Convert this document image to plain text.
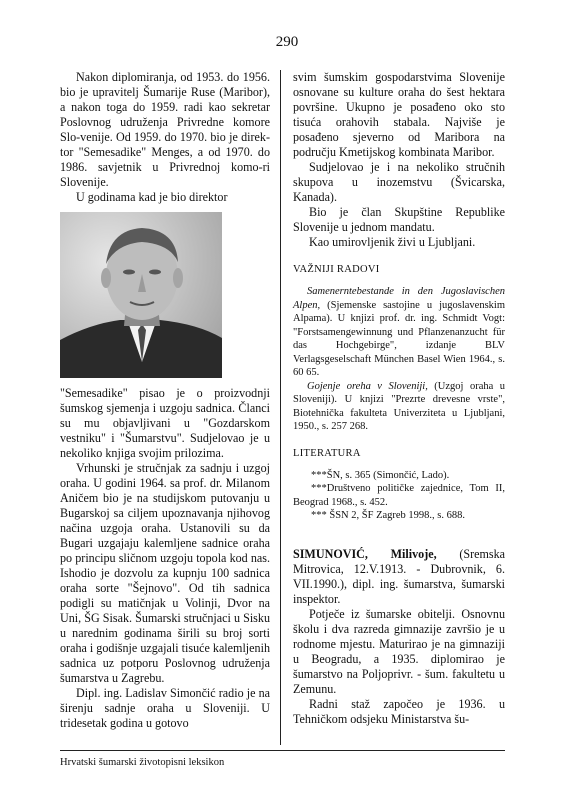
290

Nakon diplomiranja, od 1953. do 1956. bio je upravitelj Šumarije Ruse (Maribor), a nakon toga do 1959. radi kao sekretar Poslovnog udruženja Privredne komore Slo-venije. Od 1959. do 1970. bio je direk-tor "Semesadike" Menges, a od 1970. do 1986. savjetnik u Privrednoj komo-ri Slovenije.

U godinama kad je bio direktor

"Semesadike" pisao je o proizvodnji šumskog sjemenja i uzgoju sadnica. Članci su mu objavljivani u "Gozdarskom vestniku" i "Šumarstvu". Sudjelovao je u nekoliko knjiga svojim prilozima.

Vrhunski je stručnjak za sadnju i uzgoj oraha. U godini 1964. sa prof. dr. Milanom Aničem bio je na studijskom putovanju u Bugarskoj sa ciljem upoznavanja njihovog načina uzgoja oraha. Ustanovili su da Bugari uzgajaju kalemljene sadnice oraha po principu sličnom uzgoju topola kod nas. Ishodio je dozvolu za kupnju 100 sadnica oraha sorte "Šejnovo". Od tih sadnica podigli su matičnjak u Volinji, Dvor na Uni, ŠG Sisak. Šumarski stručnjaci u Sisku u narednim godinama širili su broj sorti oraha i godišnje uzgajali tisuće kalemljenih sadnica uz potporu Poslovnog udruženja šumarstva u Zagrebu.

Dipl. ing. Ladislav Simončić radio je na širenju sadnje oraha u Sloveniji. U tridesetak godina u gotovo

svim šumskim gospodarstvima Slovenije osnovane su kulture oraha do šest hektara površine. Ukupno je posađeno oko sto tisuća orahovih stabala. Najviše je posađeno sjeverno od Maribora na području Kmetijskog kombinata Maribor.

Sudjelovao je i na nekoliko stručnih skupova u inozemstvu (Švicarska, Kanada).

Bio je član Skupštine Republike Slovenije u jednom mandatu.

Kao umirovljenik živi u Ljubljani.

VAŽNIJI RADOVI

Samenerntebestande in den Jugoslavischen Alpen, (Sjemenske sastojine u jugoslavenskim Alpama). U knjizi prof. dr. ing. Schmidt Vogt: "Forstsamengewinnung und Pflanzenanzucht für das Hochgebirge", izdanje BLV Verlagsgeselschaft München Basel Wien 1964., s. 60 65.

Gojenje oreha v Sloveniji, (Uzgoj oraha u Sloveniji). U knjizi "Prezrte drevesne vrste", Biotehnička fakulteta Univerziteta u Ljubljani, 1950., s. 257 268.

LITERATURA

***ŠN, s. 365 (Simončić, Lado).

***Društveno političke zajednice, Tom II, Beograd 1968., s. 452.

*** ŠSN 2, ŠF Zagreb 1998., s. 688.

SIMUNOVIĆ, Milivoje, (Sremska Mitrovica, 12.V.1913. - Dubrovnik, 6. VII.1990.), dipl. ing. šumarstva, šumarski inspektor.

Potječe iz šumarske obitelji. Osnovnu školu i dva razreda gimnazije završio je u rodnome mjestu. Maturirao je na gimnaziji u Beogradu, a 1935. diplomirao je šumarstvo na Poljoprivr. - šum. fakultetu u Zemunu.

Radni staž započeo je 1936. u Tehničkom odsjeku Ministarstva šu-

Hrvatski šumarski životopisni leksikon
